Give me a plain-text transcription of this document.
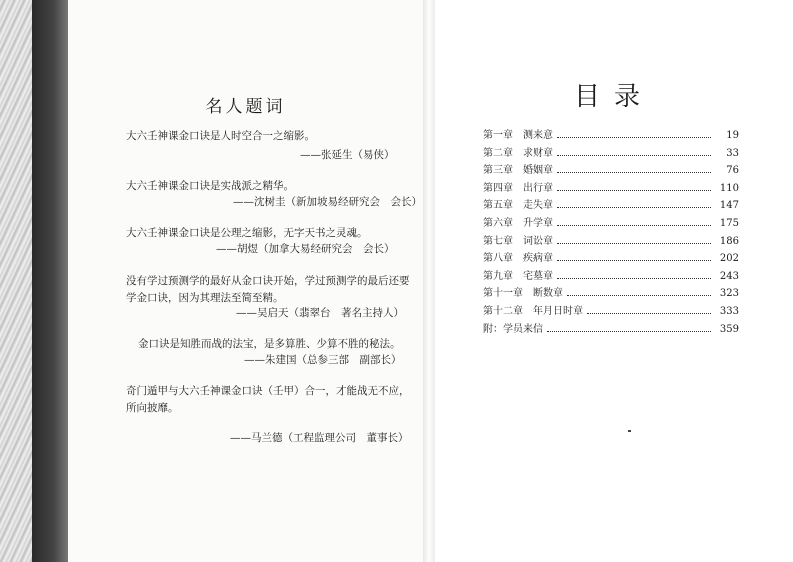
名人题词
大六壬神课金口诀是人时空合一之缩影。
——张延生（易侠）
大六壬神课金口诀是实战派之精华。
——沈树圭（新加坡易经研究会　会长）
大六壬神课金口诀是公理之缩影，无字天书之灵魂。
——胡煜（加拿大易经研究会　会长）
没有学过预测学的最好从金口诀开始，学过预测学的最后还要学金口诀，因为其理法至简至精。
——吴启天（翡翠台　著名主持人）
金口诀是知胜而战的法宝，是多算胜、少算不胜的秘法。
——朱建国（总参三部　副部长）
奇门遁甲与大六壬神课金口诀（壬甲）合一，才能战无不应，所向披靡。
——马兰德（工程监理公司　董事长）
目录
第一章　测来意	19
第二章　求财章	33
第三章　婚姻章	76
第四章　出行章	110
第五章　走失章	147
第六章　升学章	175
第七章　词讼章	186
第八章　疾病章	202
第九章　宅墓章	243
第十一章　断数章	323
第十二章　年月日时章	333
附：学员来信	359
